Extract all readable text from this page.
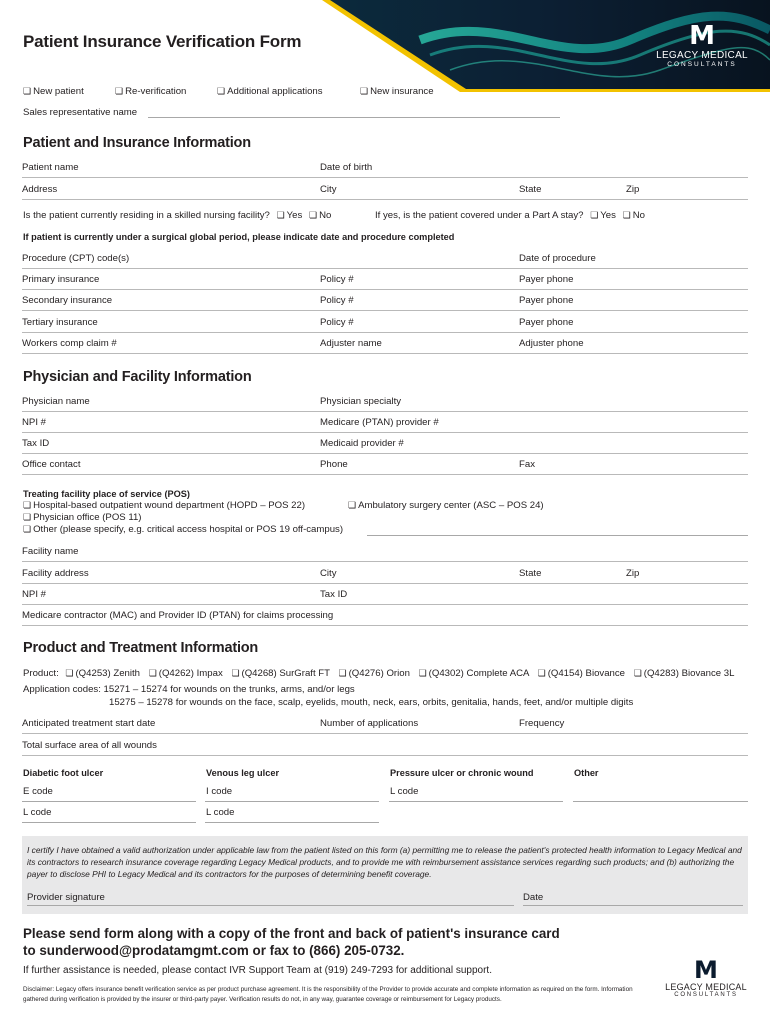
M
LEGACY MEDICAL
CONSULTANTS
Patient Insurance Verification Form
❏ New patient	❏ Re-verification	❏ Additional applications	❏ New insurance
Sales representative name
Patient and Insurance Information
Patient name	Date of birth
Address	City	State	Zip
Is the patient currently residing in a skilled nursing facility? ❏ Yes ❏ No	If yes, is the patient covered under a Part A stay? ❏ Yes ❏ No
If patient is currently under a surgical global period, please indicate date and procedure completed
Procedure (CPT) code(s)	Date of procedure
Primary insurance	Policy #	Payer phone
Secondary insurance	Policy #	Payer phone
Tertiary insurance	Policy #	Payer phone
Workers comp claim #	Adjuster name	Adjuster phone
Physician and Facility Information
Physician name	Physician specialty
NPI #	Medicare (PTAN) provider #
Tax ID	Medicaid provider #
Office contact	Phone	Fax
Treating facility place of service (POS)
❏ Hospital-based outpatient wound department (HOPD – POS 22)	❏ Ambulatory surgery center (ASC – POS 24)
❏ Physician office (POS 11)
❏ Other (please specify, e.g. critical access hospital or POS 19 off-campus)
Facility name
Facility address	City	State	Zip
NPI #	Tax ID
Medicare contractor (MAC) and Provider ID (PTAN) for claims processing
Product and Treatment Information
Product: ❏ (Q4253) Zenith ❏ (Q4262) Impax ❏ (Q4268) SurGraft FT ❏ (Q4276) Orion ❏ (Q4302) Complete ACA ❏ (Q4154) Biovance ❏ (Q4283) Biovance 3L
Application codes: 15271 – 15274 for wounds on the trunks, arms, and/or legs
15275 – 15278 for wounds on the face, scalp, eyelids, mouth, neck, ears, orbits, genitalia, hands, feet, and/or multiple digits
Anticipated treatment start date	Number of applications	Frequency
Total surface area of all wounds
Diabetic foot ulcer	Venous leg ulcer	Pressure ulcer or chronic wound	Other
E code	I code	L code
L code	L code
I certify I have obtained a valid authorization under applicable law from the patient listed on this form (a) permitting me to release the patient's protected health information to Legacy Medical and its contractors to research insurance coverage regarding Legacy Medical products, and to provide me with reimbursement assistance services regarding such products; and (b) authorizing the payer to disclose PHI to Legacy Medical and its contractors for the purposes of determining benefit coverage.
Provider signature	Date
Please send form along with a copy of the front and back of patient's insurance card
to sunderwood@prodatamgmt.com or fax to (866) 205-0732.
If further assistance is needed, please contact IVR Support Team at (919) 249-7293 for additional support.
Disclaimer: Legacy offers insurance benefit verification service as per product purchase agreement. It is the responsibility of the Provider to provide accurate and complete information as required on the form. Information gathered during verification is provided by the insurer or third-party payer. Verification results do not, in any way, guarantee coverage or reimbursement for Legacy products.
M
LEGACY MEDICAL
CONSULTANTS
